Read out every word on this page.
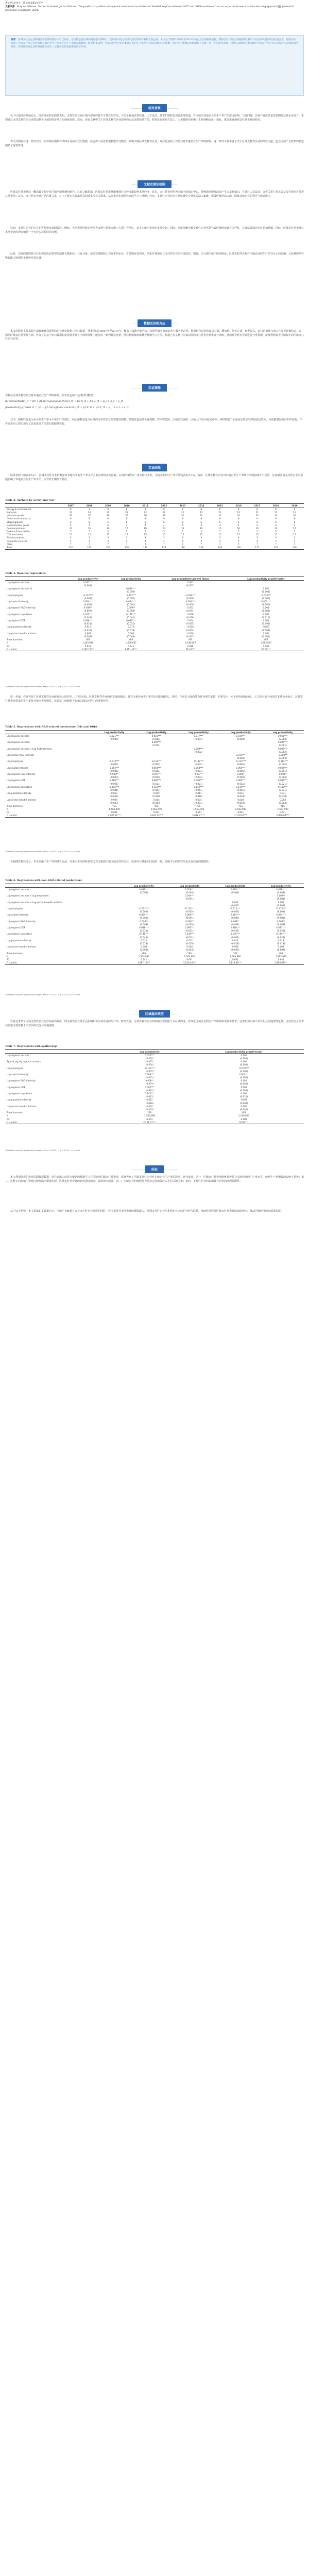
本文共3510字，阅读约需要20分钟
文献来源：Magnus Nilsson, Torben Schubert, Johan Miörner. The productivity effects of regional anchors on local firms in Swedish regions between 2007 and 2019—evidence from an export-informed machine learning approach[J]. Journal of Economic Geography, 2024.
摘要：区域支柱性企业的概念在经济地理学中广泛存在，它指的是在区域内拥有强大影响力、能够推动地方经济发展与知识扩散的大型企业。本文基于瑞典2007年至2019年的企业层面微观数据，借助以出口信息为依据的机器学习方法来识别区域支柱性企业，进而实证检验了区域支柱性企业对本地其他企业生产率水平与生产率增长的影响。研究结果表明，区域支柱性企业对本地企业的生产率水平具有显著的正向影响，但对生产率增长的影响并不显著；进一步的研究发现，这种正向影响主要来源于区域支柱性企业在研发投入方面的溢出效应，同时区域内企业的吸收能力在这一过程中发挥着重要的调节作用。
研究背景
关于区域经济发展而言，经济理论和实践都表明，支柱性企业在区域内部发挥着不可替代的作用。大型企业通过供应链、人才流动、技术扩散和知识溢出等渠道，对区域内其他企业的生产率产生深远影响。与此同时，区域产业政策也常常围绕这些企业展开，希望通过支持支柱性企业来带动整个区域的经济增长与创新发展。然而，现有文献中关于区域支柱性企业影响的实证证据仍然有限，特别是在识别方法上，大多数研究依赖于主观判断或单一指标，难以准确刻画支柱性企业的特征。
本文试图弥补这一研究空白。作者利用瑞典详细的企业层面登记数据，结合出口信息构建机器学习模型，系统识别区域支柱性企业，并在此基础上评估其对本地企业生产率的影响。这一研究不仅丰富了关于区域支柱性企业的经验文献，也为区域产业政策的制定提供了重要参考。
文献及理论机制
区域支柱性企业这一概念最早源于对区域创新系统的研究。已有文献指出，区域支柱性企业能够通过多种渠道影响本地经济：首先，支柱性企业作为区域内的知识中心，能够通过研发活动产生大量新知识，并通过人员流动、合作关系与非正式交流等途径扩散至其他企业；其次，支柱性企业通过供应链关系，对上下游企业提出更高的质量与技术要求，从而推动本地供应商的学习与升级；再次，支柱性企业的存在能够吸引专业化劳动力集聚，形成区域劳动力池，降低其他企业的搜寻与培训成本。
然而，支柱性企业的存在也可能带来负面效应。例如，大型企业可能在劳动力市场与要素市场中占据主导地位，挤占本地小企业的发展空间；同时，过度依赖少数支柱性企业可能导致区域经济缺乏多样性，在面临外部冲击时更加脆弱。因此，区域支柱性企业对本地企业的净影响是一个有待实证检验的问题。
此外，企业的吸收能力在知识溢出过程中扮演着关键角色。只有具备一定研发基础和人力资本的企业，才能够有效识别、消化并利用来自支柱性企业的外部知识。据此，本文提出如下研究假设：区域支柱性企业对本地企业的生产率存在正向影响，且这种影响在吸收能力较强的企业中更加显著。
数据及识别方法
本文的数据主要来源于瑞典统计局提供的企业登记数据与出口数据，样本期间为2007年至2019年，覆盖了瑞典全部劳动力市场区域中的制造业与服务业企业。数据包含企业的雇员人数、增加值、资本存量、研发投入、出口目的地与出口产品等详细信息。在识别区域支柱性企业方面，作者首先基于出口数据构建反映企业在全球价值链中地位的一系列特征变量，然后利用随机森林等机器学习方法，根据已有文献与专家识别的支柱性企业样本进行训练，进而对全样本企业进行分类预测，最终得到每个区域每年的区域支柱性企业名单。
实证策略
为检验区域支柱性企业对本地企业生产率的影响，作者设定如下基准回归模型：
ln(productivity)_it = β0 + β1·ln(regional anchors)_rt + β2·X_it + β3·Z_rt + μ_i + λ_t + ε_it
productivity growth_it = γ0 + γ1·ln(regional anchors)_rt + γ2·X_it + γ3·Z_rt + μ_i + λ_t + ε_it
其中，被解释变量为企业的生产率水平或生产率增长，核心解释变量为区域内支柱性企业的数量或规模，控制变量包括企业规模、资本密集度、区域研发强度、区域人口与区域GDP等，同时控制了企业固定效应与时间固定效应。为缓解潜在的内生性问题，作者还采用了滞后项与工具变量等方法进行稳健性检验。
实证结果
结果表明（如表4所示），区域支柱性企业的数量对本地企业的生产率水平具有显著的正向影响，区域内每增加一家支柱性企业，本地企业的生产率平均提高约2.1%。然而，区域支柱性企业对本地企业生产率增长率的影响并不显著。这说明区域支柱性企业更多地影响了本地企业的生产率水平，而非其长期增长路径。
Table 3. Anchors by sector and year
	2007	2008	2009	2010	2011	2012	2013	2014	2015	2016	2017	2018	2019
Energy & environment	8	8	8	8	8	8	8	8	8	8	8	8	8
Materials	24	24	23	23	23	22	22	22	22	22	21	21	21
Industrial goods	37	37	36	36	36	36	35	35	35	35	35	34	34
Construction industry	9	9	9	9	9	9	9	9	9	9	9	9	9
Shipping/goods	6	6	6	6	6	6	6	6	6	6	6	6	6
Governmental goods	4	4	4	4	4	4	4	4	4	4	4	4	4
Communications	10	10	10	10	10	10	10	10	10	10	10	10	10
Finance & real estate	5	5	5	5	5	5	5	5	5	5	5	5	5
IT & electronics	15	15	15	15	15	15	15	15	15	15	15	15	15
Pharmaceuticals	3	3	3	3	3	3	3	3	3	3	3	3	3
Corporate services	4	4	4	4	4	4	4	4	4	4	4	4	4
Other	7	7	7	7	7	7	7	7	7	7	7	7	7
Total	132	132	130	130	130	129	128	128	128	128	127	126	126
Table 4. Baseline regressions
	Log productivity	Log productivity	Log productivity growth factor	Log productivity growth factor
Log regional anchors	0.021***		0.001	
	(0.004)		(0.001)	
Log regional anchors (l)		0.019***		0.000
		(0.004)		(0.001)
Log employees	-0.112***	-0.112***	-0.010***	-0.010***
	(0.002)	(0.002)	(0.000)	(0.000)
Log capital intensity	0.064***	0.064***	0.003***	0.003***
	(0.001)	(0.001)	(0.000)	(0.000)
Log regional R&D intensity	0.008**	0.008**	0.001	0.001
	(0.003)	(0.003)	(0.001)	(0.001)
Log regional population	0.145***	0.146***	0.006	0.006
	(0.041)	(0.041)	(0.010)	(0.010)
Log regional GDP	0.088***	0.087***	0.004	0.004
	(0.021)	(0.021)	(0.005)	(0.005)
Log population density	0.012	0.012	-0.001	-0.001
	(0.018)	(0.018)	(0.004)	(0.004)
Log sector breadth anchors	0.004	0.004	0.000	0.000
	(0.003)	(0.003)	(0.001)	(0.001)
Time dummies	YES	YES	YES	YES
N	1,563,990	1,538,657	1,539,667	1,514,607
R2	0.641	0.641	0.088	0.088
F statistic	3,287.11***	3,211.43***	58.34***	56.09***
The table contains significance levels: *** p < 0.001, ** p < 0.01, * p < 0.05.
进一步地，作者考察了区域支柱性企业研发投入的作用。由表5可知，区域支柱性企业的研发强度越高，其对本地企业生产率的正向影响越大。同时，作者引入吸收能力作为调节变量，结果显示，对于研发强度较高、人力资本水平较高的本地企业而言，区域支柱性企业带来的生产率提升效应更加明显，这验证了吸收能力在知识溢出过程中的重要作用。
Table 5. Regressions with R&D-related moderators (Eds and 10th)
	Log productivity	Log productivity	Log productivity	Log productivity	Log productivity
Log regional anchors	0.021***	0.018***	0.017***	0.019***	0.016***
	(0.004)	(0.004)	(0.004)	(0.004)	(0.004)
Log regional anchors²		0.006***			0.005***
		(0.001)			(0.001)
Log regional anchors × Log R&D intensity			0.009***		0.007***
			(0.002)		(0.002)
Log anchor R&D intensity				0.011***	0.008**
				(0.003)	(0.003)
Log employees	-0.112***	-0.112***	-0.112***	-0.112***	-0.112***
	(0.002)	(0.002)	(0.002)	(0.002)	(0.002)
Log capital intensity	0.064***	0.064***	0.064***	0.064***	0.064***
	(0.001)	(0.001)	(0.001)	(0.001)	(0.001)
Log regional R&D intensity	0.008**	0.007**	0.007**	0.006*	0.006*
	(0.003)	(0.003)	(0.003)	(0.003)	(0.003)
Log regional GDP	0.088***	0.086***	0.086***	0.085***	0.084***
	(0.021)	(0.021)	(0.021)	(0.021)	(0.021)
Log regional population	0.145***	0.143***	0.142***	0.141***	0.140***
	(0.041)	(0.041)	(0.041)	(0.041)	(0.041)
Log population density	0.012	0.012	0.011	0.011	0.011
	(0.018)	(0.018)	(0.018)	(0.018)	(0.018)
Log sector breadth anchors	0.004	0.004	0.004	0.004	0.004
	(0.003)	(0.003)	(0.003)	(0.003)	(0.003)
Time dummies	YES	YES	YES	YES	YES
N	1,563,990	1,563,990	1,563,990	1,563,990	1,563,990
R2	0.641	0.641	0.641	0.641	0.641
F statistic	3,287.11***	3,104.52***	3,098.77***	3,110.20***	2,856.04***
The table contains significance levels: *** p < 0.001, ** p < 0.01, * p < 0.05.
在稳健性检验部分，作者更换了生产率的测算方法，并采用不同的机器学习算法重新识别区域支柱性企业，结果均与基准回归保持一致，表明本文的研究结论具有较强的稳健性。
Table 6. Regressions with non-R&D-related moderators
	Log productivity	Log productivity	Log productivity	Log productivity
Log regional anchors	0.021***	0.019***	0.020***	0.018***
	(0.004)	(0.004)	(0.004)	(0.004)
Log regional anchors × Log employees		0.004***		0.003**
		(0.001)		(0.001)
Log regional anchors × Log sector breadth anchors			0.002	0.002
			(0.001)	(0.001)
Log employees	-0.112***	-0.113***	-0.112***	-0.113***
	(0.002)	(0.002)	(0.002)	(0.002)
Log capital intensity	0.064***	0.064***	0.064***	0.064***
	(0.001)	(0.001)	(0.001)	(0.001)
Log regional R&D intensity	0.008**	0.008**	0.008**	0.008**
	(0.003)	(0.003)	(0.003)	(0.003)
Log regional GDP	0.088***	0.087***	0.088***	0.087***
	(0.021)	(0.021)	(0.021)	(0.021)
Log regional population	0.145***	0.144***	0.145***	0.144***
	(0.041)	(0.041)	(0.041)	(0.041)
Log population density	0.012	0.012	0.012	0.012
	(0.018)	(0.018)	(0.018)	(0.018)
Log sector breadth anchors	0.004	0.004	0.004	0.004
	(0.003)	(0.003)	(0.003)	(0.003)
Time dummies	YES	YES	YES	YES
N	1,563,990	1,563,990	1,563,990	1,563,990
R2	0.641	0.641	0.641	0.641
F statistic	3,287.11***	3,120.44***	3,119.80***	2,998.61***
The table contains significance levels: *** p < 0.001, ** p < 0.01, * p < 0.05.
区域溢出效应
作者还考察了区域支柱性企业的空间溢出效应，即支柱性企业是否会影响相邻区域企业的生产率。研究发现，区域支柱性企业的影响主要局限于本区域内部，对邻近区域企业的生产率影响较弱且不显著。这表明知识溢出具有明显的地理邻近性，支柱性企业的带动作用主要依赖于面对面的交流与本地网络。
Table 7. Regressions with spatial lags
	Log productivity	Log productivity growth factor
Log regional anchors	0.020***	0.001
	(0.004)	(0.001)
Spatial lag log regional anchors	0.005	0.000
	(0.004)	(0.001)
Log employees	-0.112***	-0.010***
	(0.002)	(0.000)
Log capital intensity	0.064***	0.003***
	(0.001)	(0.000)
Log regional R&D intensity	0.008**	0.001
	(0.003)	(0.001)
Log regional GDP	0.087***	0.004
	(0.021)	(0.005)
Log regional population	0.144***	0.006
	(0.041)	(0.010)
Log population density	0.012	-0.001
	(0.018)	(0.004)
Log sector breadth anchors	0.004	0.000
	(0.003)	(0.001)
Time dummies	YES	YES
N	1,563,990	1,539,667
R2	0.641	0.088
F statistic	3,101.27***	55.83***
The table contains significance levels: *** p < 0.001, ** p < 0.01, * p < 0.05.
结论
本文利用瑞典的企业层面微观数据，结合以出口信息为依据的机器学习方法识别区域支柱性企业，系统考察了区域支柱性企业对本地企业生产率的影响。研究发现：第一，区域支柱性企业能够显著提升本地企业的生产率水平，但对生产率增长的影响不显著；第二，这种正向影响主要通过研发溢出渠道实现，区域支柱性企业的研发强度越高，溢出效应越强；第三，本地企业的吸收能力是决定溢出效应大小的关键因素；第四，支柱性企业的影响具有明显的地理局限性。
基于以上结论，本文提出如下政策启示：区域产业政策在支持支柱性企业发展的同时，应注重提升本地企业的吸收能力，加强支柱性企业与本地企业之间的合作与联系，从而充分释放区域支柱性企业的溢出效应，推动区域经济的高质量发展。
